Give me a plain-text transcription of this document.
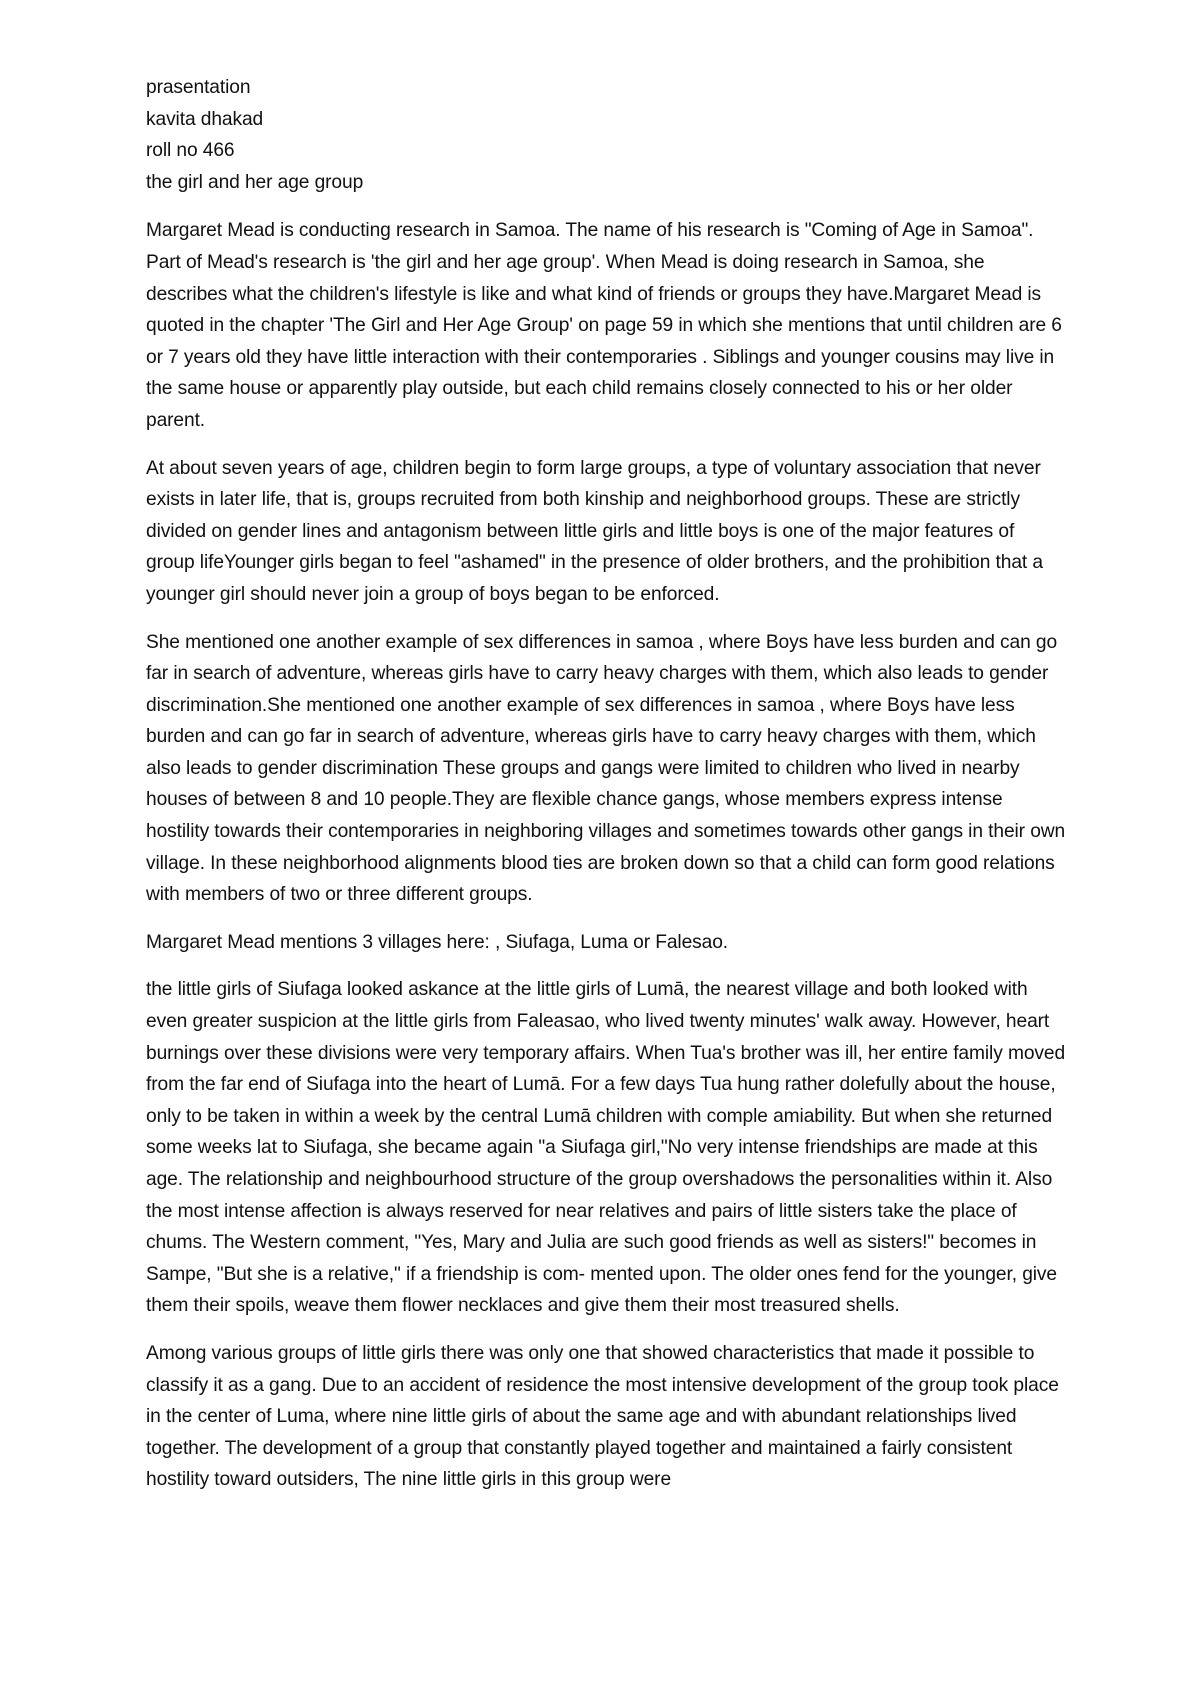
prasentation
kavita dhakad
roll no 466
the girl and her age group

Margaret Mead is conducting research in Samoa. The name of his research is "Coming of Age in Samoa". Part of Mead's research is 'the girl and her age group'. When Mead is doing research in Samoa, she describes what the children's lifestyle is like and what kind of friends or groups they have.Margaret Mead is quoted in the chapter 'The Girl and Her Age Group' on page 59 in which she mentions that until children are 6 or 7 years old they have little interaction with their contemporaries . Siblings and younger cousins may live in the same house or apparently play outside, but each child remains closely connected to his or her older parent.

At about seven years of age, children begin to form large groups, a type of voluntary association that never exists in later life, that is, groups recruited from both kinship and neighborhood groups. These are strictly divided on gender lines and antagonism between little girls and little boys is one of the major features of group lifeYounger girls began to feel "ashamed" in the presence of older brothers, and the prohibition that a younger girl should never join a group of boys began to be enforced.

She mentioned one another example of sex differences in samoa , where Boys have less burden and can go far in search of adventure, whereas girls have to carry heavy charges with them, which also leads to gender discrimination.She mentioned one another example of sex differences in samoa , where Boys have less burden and can go far in search of adventure, whereas girls have to carry heavy charges with them, which also leads to gender discrimination These groups and gangs were limited to children who lived in nearby houses of between 8 and 10 people.They are flexible chance gangs, whose members express intense hostility towards their contemporaries in neighboring villages and sometimes towards other gangs in their own village. In these neighborhood alignments blood ties are broken down so that a child can form good relations with members of two or three different groups.

Margaret Mead mentions 3 villages here: , Siufaga, Luma or Falesao.

the little girls of Siufaga looked askance at the little girls of Lumā, the nearest village and both looked with even greater suspicion at the little girls from Faleasao, who lived twenty minutes' walk away. However, heart burnings over these divisions were very temporary affairs. When Tua's brother was ill, her entire family moved from the far end of Siufaga into the heart of Lumā. For a few days Tua hung rather dolefully about the house, only to be taken in within a week by the central Lumā children with comple amiability. But when she returned some weeks lat to Siufaga, she became again "a Siufaga girl,"No very intense friendships are made at this age. The relationship and neighbourhood structure of the group overshadows the personalities within it. Also the most intense affection is always reserved for near relatives and pairs of little sisters take the place of chums. The Western comment, "Yes, Mary and Julia are such good friends as well as sisters!" becomes in Sampe, "But she is a relative," if a friendship is com- mented upon. The older ones fend for the younger, give them their spoils, weave them flower necklaces and give them their most treasured shells.

Among various groups of little girls there was only one that showed characteristics that made it possible to classify it as a gang. Due to an accident of residence the most intensive development of the group took place in the center of Luma, where nine little girls of about the same age and with abundant relationships lived together. The development of a group that constantly played together and maintained a fairly consistent hostility toward outsiders, The nine little girls in this group were
